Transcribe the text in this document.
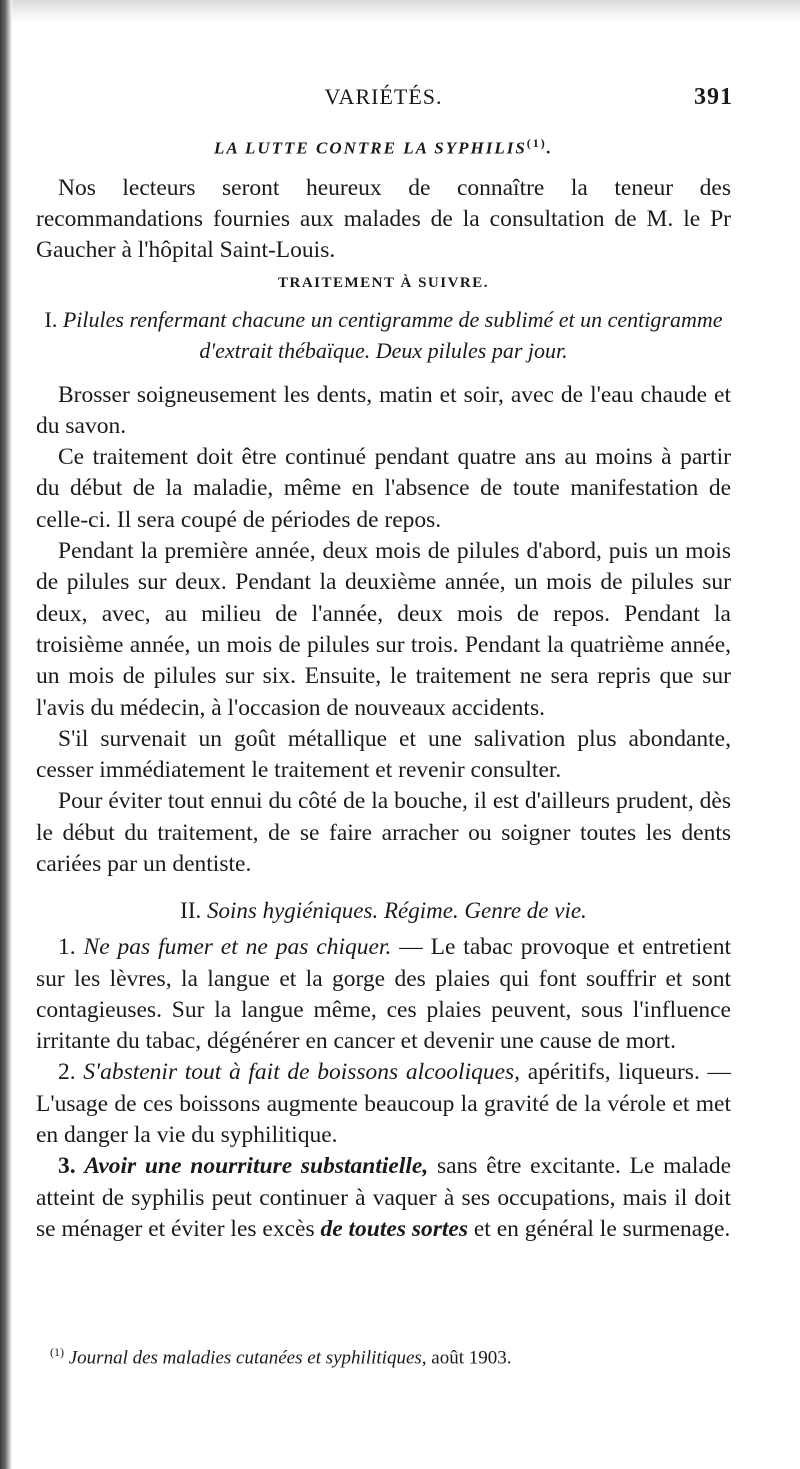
VARIÉTÉS.	391
LA LUTTE CONTRE LA SYPHILIS$^{(1)}$.

Nos lecteurs seront heureux de connaître la teneur des recommandations fournies aux malades de la consultation de M. le Pr Gaucher à l'hôpital Saint-Louis.

TRAITEMENT À SUIVRE.
I. Pilules renfermant chacune un centigramme de sublimé et un centigramme d'extrait thébaïque. Deux pilules par jour.

Brosser soigneusement les dents, matin et soir, avec de l'eau chaude et du savon.

Ce traitement doit être continué pendant quatre ans au moins à partir du début de la maladie, même en l'absence de toute manifestation de celle-ci. Il sera coupé de périodes de repos.

Pendant la première année, deux mois de pilules d'abord, puis un mois de pilules sur deux. Pendant la deuxième année, un mois de pilules sur deux, avec, au milieu de l'année, deux mois de repos. Pendant la troisième année, un mois de pilules sur trois. Pendant la quatrième année, un mois de pilules sur six. Ensuite, le traitement ne sera repris que sur l'avis du médecin, à l'occasion de nouveaux accidents.

S'il survenait un goût métallique et une salivation plus abondante, cesser immédiatement le traitement et revenir consulter.

Pour éviter tout ennui du côté de la bouche, il est d'ailleurs prudent, dès le début du traitement, de se faire arracher ou soigner toutes les dents cariées par un dentiste.

II. Soins hygiéniques. Régime. Genre de vie.

1. Ne pas fumer et ne pas chiquer. — Le tabac provoque et entretient sur les lèvres, la langue et la gorge des plaies qui font souffrir et sont contagieuses. Sur la langue même, ces plaies peuvent, sous l'influence irritante du tabac, dégénérer en cancer et devenir une cause de mort.

2. S'abstenir tout à fait de boissons alcooliques, apéritifs, liqueurs. — L'usage de ces boissons augmente beaucoup la gravité de la vérole et met en danger la vie du syphilitique.

3. Avoir une nourriture substantielle, sans être excitante. Le malade atteint de syphilis peut continuer à vaquer à ses occupations, mais il doit se ménager et éviter les excès de toutes sortes et en général le surmenage.

$^{(1)}$ Journal des maladies cutanées et syphilitiques, août 1903.
